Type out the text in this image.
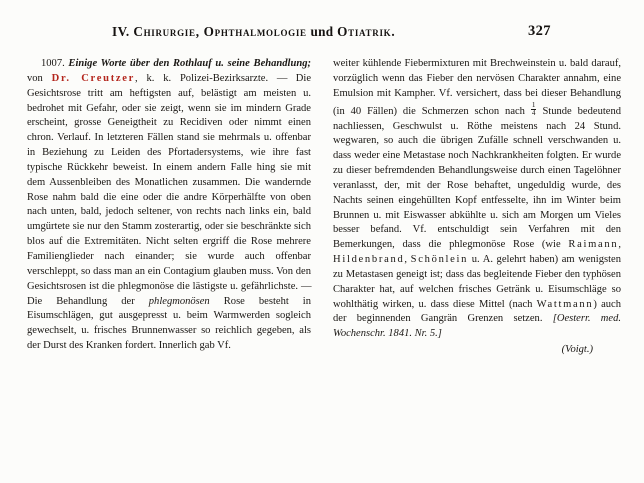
IV. Chirurgie, Ophthalmologie und Otiatrik.	327

1007. Einige Worte über den Rothlauf u. seine Behandlung; von Dr. Creutzer, k. k. Polizei-Bezirksarzte. — Die Gesichtsrose tritt am heftigsten auf, belästigt am meisten u. bedrohet mit Gefahr, oder sie zeigt, wenn sie im mindern Grade erscheint, grosse Geneigtheit zu Recidiven oder nimmt einen chron. Verlauf. In letzteren Fällen stand sie mehrmals u. offenbar in Beziehung zu Leiden des Pfortadersystems, wie ihre fast typische Rückkehr beweist. In einem andern Falle hing sie mit dem Aussenbleiben des Monatlichen zusammen. Die wandernde Rose nahm bald die eine oder die andre Körperhälfte von oben nach unten, bald, jedoch seltener, von rechts nach links ein, bald umgürtete sie nur den Stamm zosterartig, oder sie beschränkte sich blos auf die Extremitäten. Nicht selten ergriff die Rose mehrere Familienglieder nach einander; sie wurde auch offenbar verschleppt, so dass man an ein Contagium glauben muss. Von den Gesichtsrosen ist die phlegmonöse die lästigste u. gefährlichste. — Die Behandlung der phlegmonösen Rose besteht in Eisumschlägen, gut ausgepresst u. beim Warmwerden sogleich gewechselt, u. frisches Brunnenwasser so reichlich gegeben, als der Durst des Kranken fordert. Innerlich gab Vf.

weiter kühlende Fiebermixturen mit Brechweinstein u. bald darauf, vorzüglich wenn das Fieber den nervösen Charakter annahm, eine Emulsion mit Kampher. Vf. versichert, dass bei dieser Behandlung (in 40 Fällen) die Schmerzen schon nach $\frac{1}{4}$ Stunde bedeutend nachliessen, Geschwulst u. Röthe meistens nach 24 Stund. wegwaren, so auch die übrigen Zufälle schnell verschwanden u. dass weder eine Metastase noch Nachkrankheiten folgten. Er wurde zu dieser befremdenden Behandlungsweise durch einen Tagelöhner veranlasst, der, mit der Rose behaftet, ungeduldig wurde, des Nachts seinen eingehüllten Kopf entfesselte, ihn im Winter beim Brunnen u. mit Eiswasser abkühlte u. sich am Morgen um Vieles besser befand. Vf. entschuldigt sein Verfahren mit den Bemerkungen, dass die phlegmonöse Rose (wie Raimann, Hildenbrand, Schönlein u. A. gelehrt haben) am wenigsten zu Metastasen geneigt ist; dass das begleitende Fieber den typhösen Charakter hat, auf welchen frisches Getränk u. Eisumschläge so wohlthätig wirken, u. dass diese Mittel (nach Wattmann) auch der beginnenden Gangrän Grenzen setzen. [Oesterr. med. Wochenschr. 1841. Nr. 5.]

(Voigt.)
